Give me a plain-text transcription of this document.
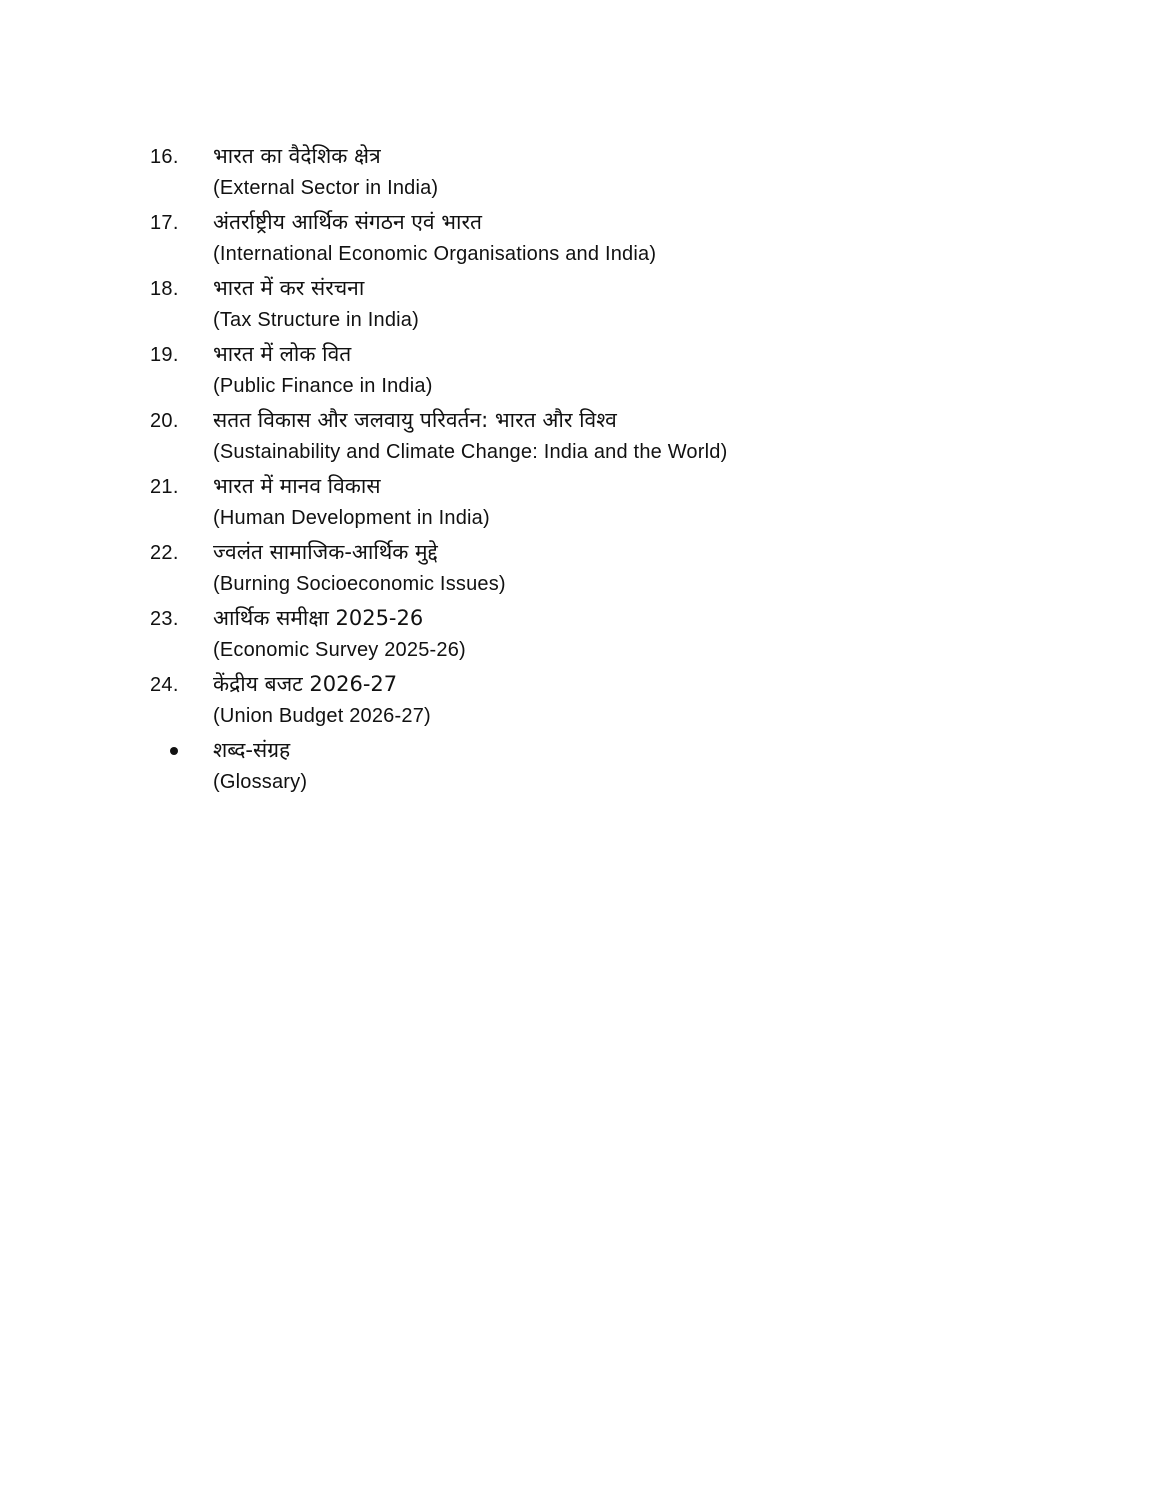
16.	भारत का वैदेशिक क्षेत्र
(External Sector in India)
17.	अंतर्राष्ट्रीय आर्थिक संगठन एवं भारत
(International Economic Organisations and India)
18.	भारत में कर संरचना
(Tax Structure in India)
19.	भारत में लोक वित
(Public Finance in India)
20.	सतत विकास और जलवायु परिवर्तन: भारत और विश्व
(Sustainability and Climate Change: India and the World)
21.	भारत में मानव विकास
(Human Development in India)
22.	ज्वलंत सामाजिक-आर्थिक मुद्दे
(Burning Socioeconomic Issues)
23.	आर्थिक समीक्षा 2025-26
(Economic Survey 2025-26)
24.	केंद्रीय बजट 2026-27
(Union Budget 2026-27)
शब्द-संग्रह
(Glossary)
